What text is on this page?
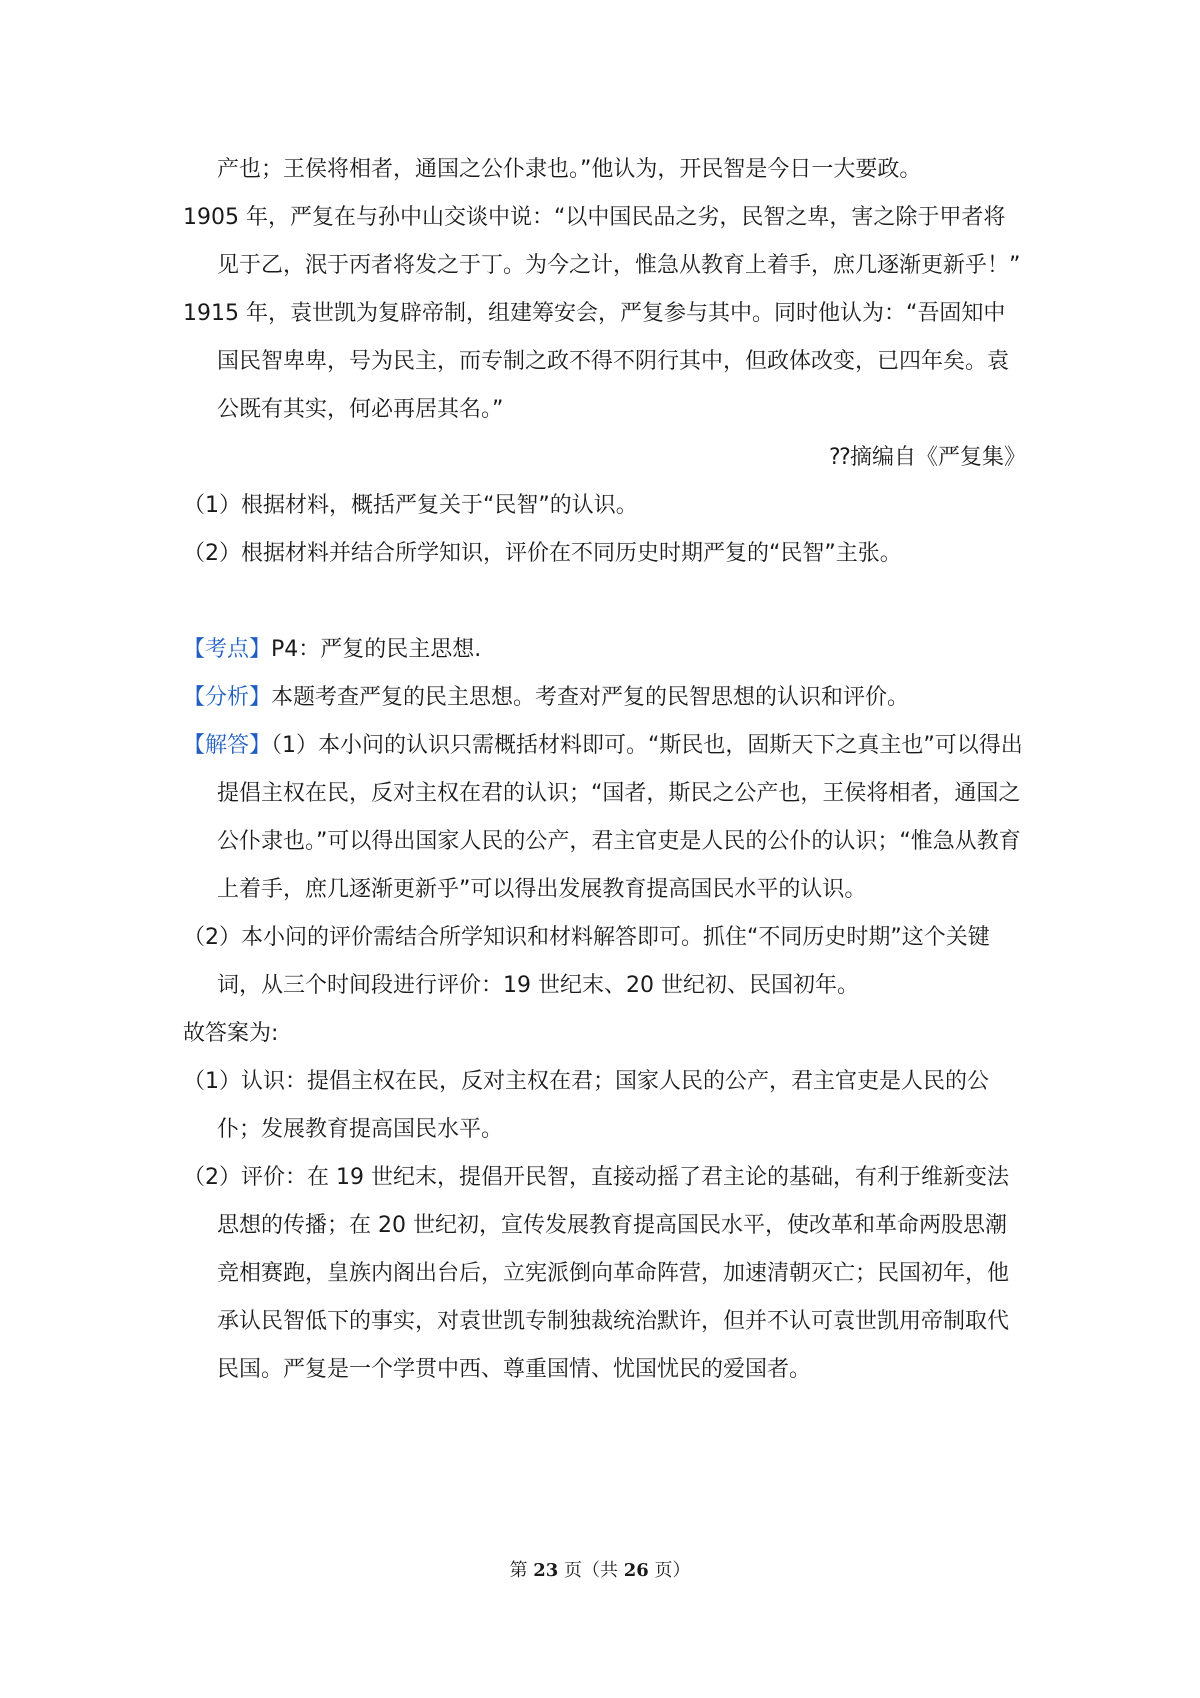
产也；王侯将相者，通国之公仆隶也。”他认为，开民智是今日一大要政。

1905 年，严复在与孙中山交谈中说：“以中国民品之劣，民智之卑，害之除于甲者将见于乙，泯于丙者将发之于丁。为今之计，惟急从教育上着手，庶几逐渐更新乎！”

1915 年，袁世凯为复辟帝制，组建筹安会，严复参与其中。同时他认为：“吾固知中国民智卑卑，号为民主，而专制之政不得不阴行其中，但政体改变，已四年矣。袁公既有其实，何必再居其名。”

⁇摘编自《严复集》

（1）根据材料，概括严复关于“民智”的认识。

（2）根据材料并结合所学知识，评价在不同历史时期严复的“民智”主张。

【考点】P4：严复的民主思想.

【分析】本题考查严复的民主思想。考查对严复的民智思想的认识和评价。

【解答】（1）本小问的认识只需概括材料即可。“斯民也，固斯天下之真主也”可以得出提倡主权在民，反对主权在君的认识；“国者，斯民之公产也，王侯将相者，通国之公仆隶也。”可以得出国家人民的公产，君主官吏是人民的公仆的认识；“惟急从教育上着手，庶几逐渐更新乎”可以得出发展教育提高国民水平的认识。

（2）本小问的评价需结合所学知识和材料解答即可。抓住“不同历史时期”这个关键词，从三个时间段进行评价：19 世纪末、20 世纪初、民国初年。

故答案为:

（1）认识：提倡主权在民，反对主权在君；国家人民的公产，君主官吏是人民的公仆；发展教育提高国民水平。

（2）评价：在 19 世纪末，提倡开民智，直接动摇了君主论的基础，有利于维新变法思想的传播；在 20 世纪初，宣传发展教育提高国民水平，使改革和革命两股思潮竞相赛跑，皇族内阁出台后，立宪派倒向革命阵营，加速清朝灭亡；民国初年，他承认民智低下的事实，对袁世凯专制独裁统治默许，但并不认可袁世凯用帝制取代民国。严复是一个学贯中西、尊重国情、忧国忧民的爱国者。

第 23 页（共 26 页）
